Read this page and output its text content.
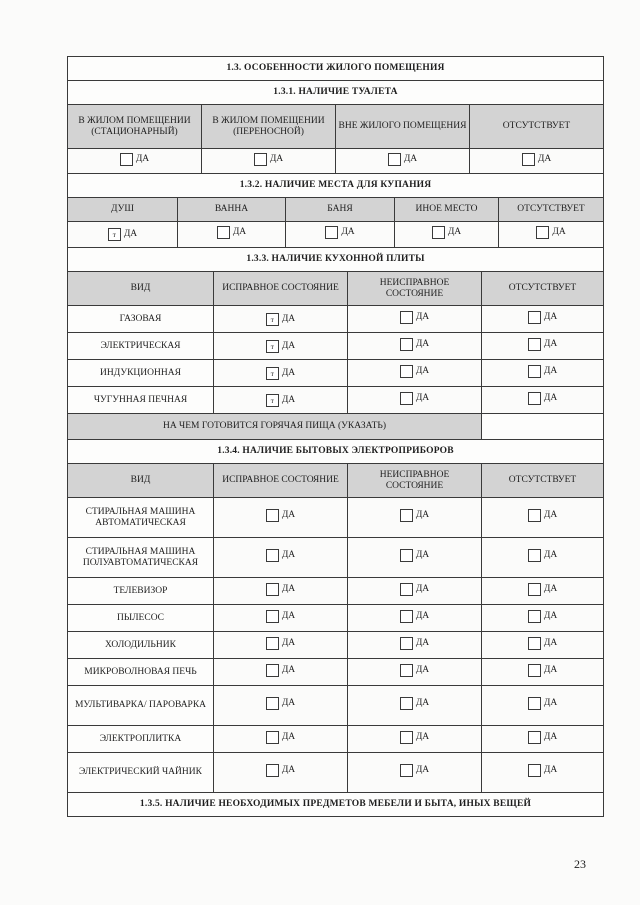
1.3. ОСОБЕННОСТИ ЖИЛОГО ПОМЕЩЕНИЯ			
1.3.1. НАЛИЧИЕ ТУАЛЕТА			
В ЖИЛОМ ПОМЕЩЕНИИ (СТАЦИОНАРНЫЙ)	В ЖИЛОМ ПОМЕЩЕНИИ (ПЕРЕНОСНОЙ)	ВНЕ ЖИЛОГО ПОМЕЩЕНИЯ	ОТСУТСТВУЕТ

ДА	ДА	ДА	ДА
1.3.2. НАЛИЧИЕ МЕСТА ДЛЯ КУПАНИЯ				
ДУШ	ВАННА	БАНЯ	ИНОЕ МЕСТО	ОТСУТСТВУЕТ

т ДА	ДА	ДА	ДА	ДА
1.3.3. НАЛИЧИЕ КУХОННОЙ ПЛИТЫ			
ВИД	ИСПРАВНОЕ СОСТОЯНИЕ	НЕИСПРАВНОЕ СОСТОЯНИЕ	ОТСУТСТВУЕТ
ГАЗОВАЯ	т ДА	ДА	ДА

ЭЛЕКТРИЧЕСКАЯ	т ДА	ДА	ДА

ИНДУКЦИОННАЯ	т ДА	ДА	ДА

ЧУГУННАЯ ПЕЧНАЯ	т ДА	ДА	ДА

НА ЧЕМ ГОТОВИТСЯ ГОРЯЧАЯ ПИЩА (УКАЗАТЬ)			
1.3.4. НАЛИЧИЕ БЫТОВЫХ ЭЛЕКТРОПРИБОРОВ			
ВИД	ИСПРАВНОЕ СОСТОЯНИЕ	НЕИСПРАВНОЕ СОСТОЯНИЕ	ОТСУТСТВУЕТ
СТИРАЛЬНАЯ МАШИНА АВТОМАТИЧЕСКАЯ	ДА	ДА	ДА

СТИРАЛЬНАЯ МАШИНА ПОЛУАВТОМАТИЧЕСКАЯ	ДА	ДА	ДА

ТЕЛЕВИЗОР	ДА	ДА	ДА

ПЫЛЕСОС	ДА	ДА	ДА

ХОЛОДИЛЬНИК	ДА	ДА	ДА

МИКРОВОЛНОВАЯ ПЕЧЬ	ДА	ДА	ДА

МУЛЬТИВАРКА/ ПАРОВАРКА	ДА	ДА	ДА

ЭЛЕКТРОПЛИТКА	ДА	ДА	ДА

ЭЛЕКТРИЧЕСКИЙ ЧАЙНИК	ДА	ДА	ДА

1.3.5. НАЛИЧИЕ НЕОБХОДИМЫХ ПРЕДМЕТОВ МЕБЕЛИ И БЫТА, ИНЫХ ВЕЩЕЙ			
23
